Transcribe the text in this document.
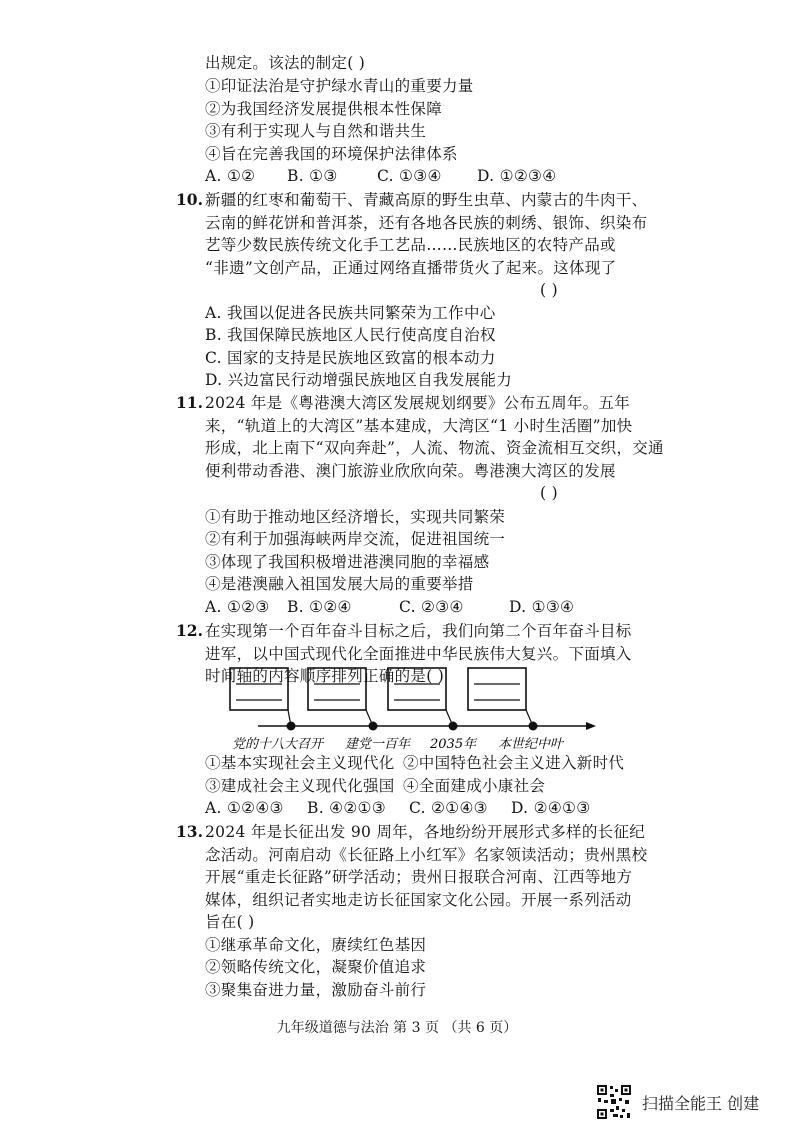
出规定。该法的制定( )
①印证法治是守护绿水青山的重要力量
②为我国经济发展提供根本性保障
③有利于实现人与自然和谐共生
④旨在完善我国的环境保护法律体系
A. ①② B. ①③	C. ①③④ D. ①②③④
10. 新疆的红枣和葡萄干、青藏高原的野生虫草、内蒙古的牛肉干、
云南的鲜花饼和普洱茶，还有各地各民族的刺绣、银饰、织染布
艺等少数民族传统文化手工艺品……民族地区的农特产品或
“非遗”文创产品，正通过网络直播带货火了起来。这体现了
( )
A. 我国以促进各民族共同繁荣为工作中心
B. 我国保障民族地区人民行使高度自治权
C. 国家的支持是民族地区致富的根本动力
D. 兴边富民行动增强民族地区自我发展能力
11. 2024 年是《粤港澳大湾区发展规划纲要》公布五周年。五年
来，“轨道上的大湾区”基本建成，大湾区“1 小时生活圈”加快
形成，北上南下“双向奔赴”，人流、物流、资金流相互交织，交通
便利带动香港、澳门旅游业欣欣向荣。粤港澳大湾区的发展
( )
①有助于推动地区经济增长，实现共同繁荣
②有利于加强海峡两岸交流，促进祖国统一
③体现了我国积极增进港澳同胞的幸福感
④是港澳融入祖国发展大局的重要举措
A. ①②③ B. ①②④	C. ②③④	D. ①③④
12. 在实现第一个百年奋斗目标之后，我们向第二个百年奋斗目标
进军，以中国式现代化全面推进中华民族伟大复兴。下面填入
时间轴的内容顺序排列正确的是( )
党的十八大召开 建党一百年 2035年 本世纪中叶
①基本实现社会主义现代化 ②中国特色社会主义进入新时代
③建成社会主义现代化强国 ④全面建成小康社会
A. ①②④③ B. ④②①③ C. ②①④③ D. ②④①③
13. 2024 年是长征出发 90 周年，各地纷纷开展形式多样的长征纪
念活动。河南启动《长征路上小红军》名家领读活动；贵州黑校
开展“重走长征路”研学活动；贵州日报联合河南、江西等地方
媒体，组织记者实地走访长征国家文化公园。开展一系列活动
旨在( )
①继承革命文化，赓续红色基因
②领略传统文化，凝聚价值追求
③聚集奋进力量，激励奋斗前行
九年级道德与法治 第 3 页 （共 6 页）
扫描全能王 创建
